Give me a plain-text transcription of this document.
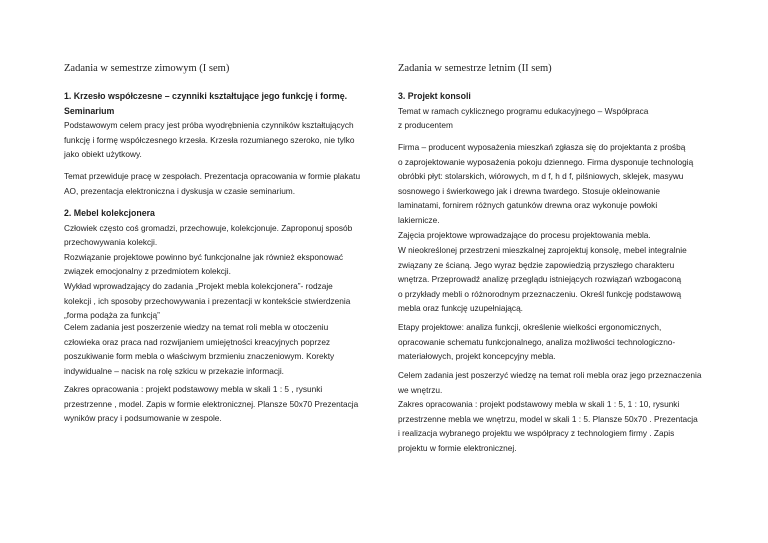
Zadania w semestrze zimowym (I sem)

1. Krzesło współczesne – czynniki kształtujące jego funkcję i formę.

Seminarium

Podstawowym celem pracy jest próba wyodrębnienia czynników kształtujących

funkcję i formę współczesnego krzesła. Krzesła rozumianego szeroko, nie tylko

jako obiekt użytkowy.

Temat przewiduje pracę w zespołach. Prezentacja opracowania w formie plakatu

AO, prezentacja elektroniczna i dyskusja w czasie seminarium.

2. Mebel kolekcjonera

Człowiek często coś gromadzi, przechowuje, kolekcjonuje. Zaproponuj sposób

przechowywania kolekcji.

Rozwiązanie projektowe powinno być funkcjonalne jak również eksponować

związek emocjonalny z przedmiotem kolekcji.

Wykład wprowadzający do zadania „Projekt mebla kolekcjonera”- rodzaje

kolekcji , ich sposoby przechowywania i prezentacji w kontekście stwierdzenia

„forma podąża za funkcją”

Celem zadania jest poszerzenie wiedzy na temat roli mebla w otoczeniu

człowieka oraz praca nad rozwijaniem umiejętności kreacyjnych poprzez

poszukiwanie form mebla o właściwym brzmieniu znaczeniowym. Korekty

indywidualne – nacisk na rolę szkicu w przekazie informacji.

Zakres opracowania : projekt podstawowy mebla w skali 1 : 5 , rysunki

przestrzenne , model. Zapis w formie elektronicznej. Plansze 50x70 Prezentacja

wyników pracy i podsumowanie w zespole.

Zadania w semestrze letnim (II sem)

3. Projekt konsoli

Temat w ramach cyklicznego programu edukacyjnego – Współpraca

z producentem

Firma – producent wyposażenia mieszkań zgłasza się do projektanta z prośbą

o zaprojektowanie wyposażenia pokoju dziennego. Firma dysponuje technologią

obróbki płyt: stolarskich, wiórowych, m d f, h d f, pilśniowych, sklejek, masywu

sosnowego i świerkowego jak i drewna twardego. Stosuje okleinowanie

laminatami, fornirem różnych gatunków drewna oraz wykonuje powłoki

lakiernicze.

Zajęcia projektowe wprowadzające do procesu projektowania mebla.

W nieokreślonej przestrzeni mieszkalnej zaprojektuj konsolę, mebel integralnie

związany ze ścianą. Jego wyraz będzie zapowiedzią przyszłego charakteru

wnętrza. Przeprowadź analizę przeglądu istniejących rozwiązań wzbogaconą

o przykłady mebli o różnorodnym przeznaczeniu. Określ funkcję podstawową

mebla oraz funkcję uzupełniającą.

Etapy projektowe: analiza funkcji, określenie wielkości ergonomicznych,

opracowanie schematu funkcjonalnego, analiza możliwości technologiczno-

materiałowych, projekt koncepcyjny mebla.

Celem zadania jest poszerzyć wiedzę na temat roli mebla oraz jego przeznaczenia

we wnętrzu.

Zakres opracowania : projekt podstawowy mebla w skali 1 : 5, 1 : 10, rysunki

przestrzenne mebla we wnętrzu, model w skali 1 : 5. Plansze 50x70 . Prezentacja

i realizacja wybranego projektu we współpracy z technologiem firmy . Zapis

projektu w formie elektronicznej.
